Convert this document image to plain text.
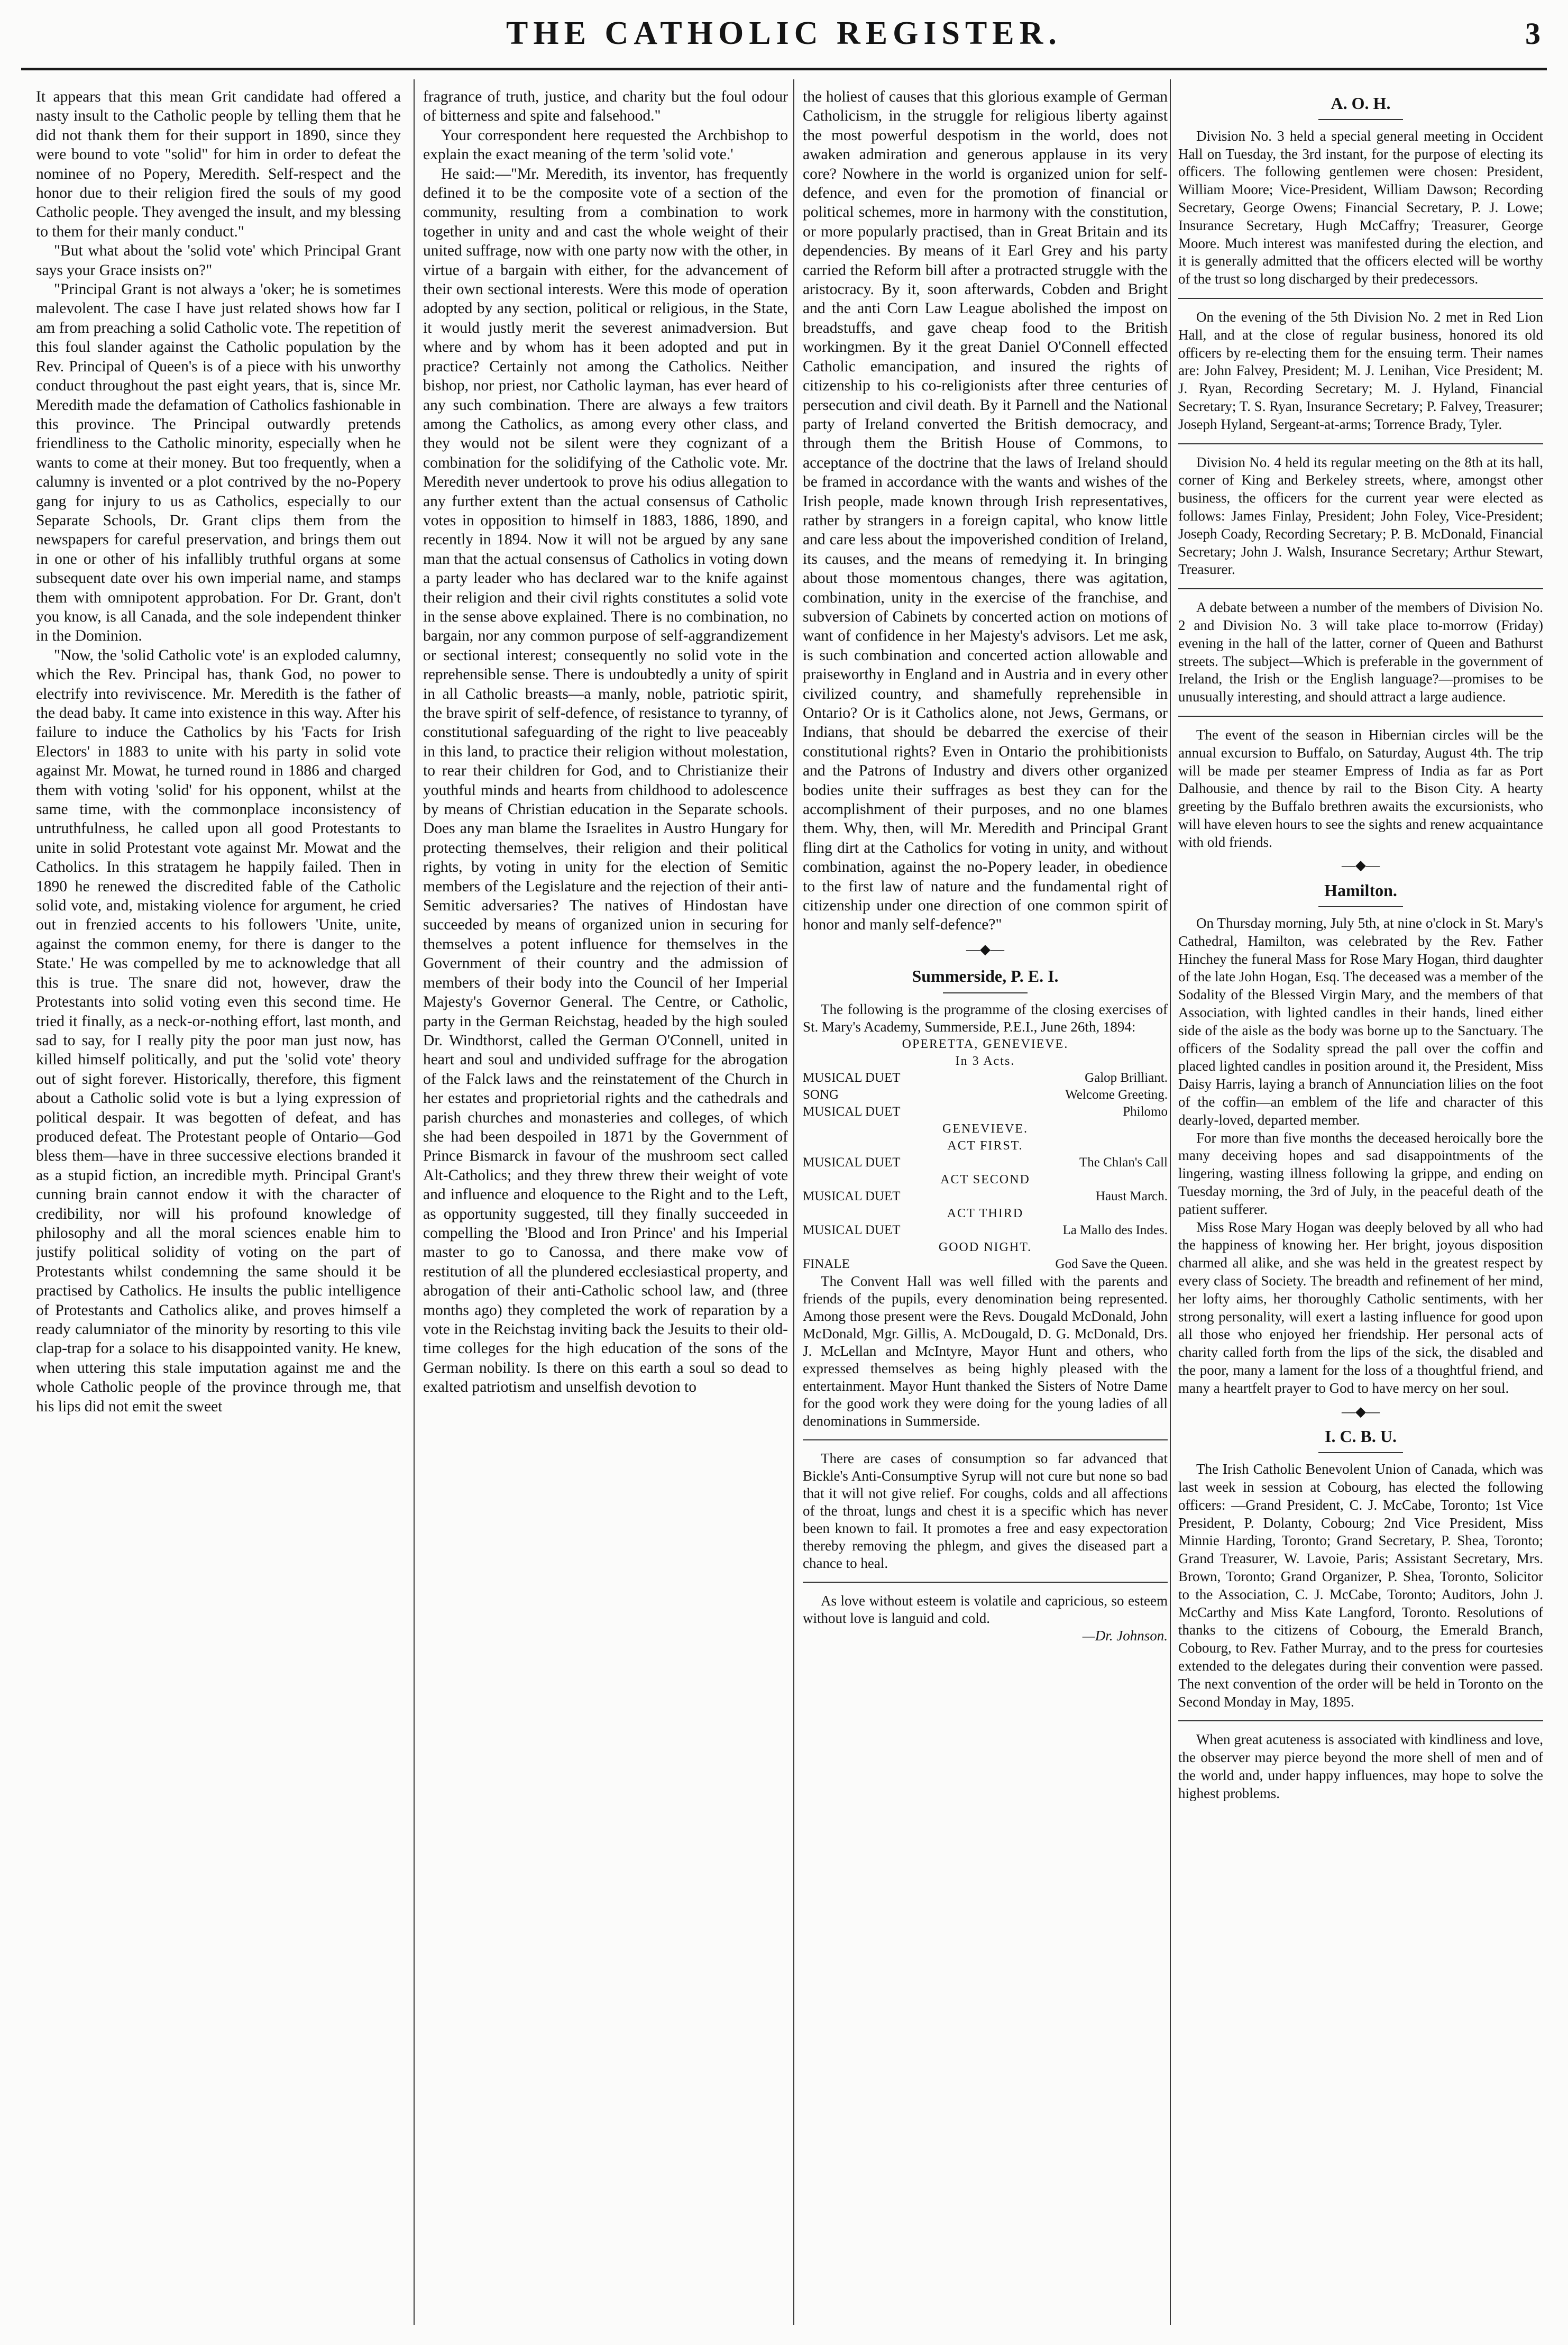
THE CATHOLIC REGISTER.	3

It appears that this mean Grit candidate had offered a nasty insult to the Catholic people by telling them that he did not thank them for their support in 1890, since they were bound to vote "solid" for him in order to defeat the nominee of no Popery, Meredith. Self-respect and the honor due to their religion fired the souls of my good Catholic people. They avenged the insult, and my blessing to them for their manly conduct."

"But what about the 'solid vote' which Principal Grant says your Grace insists on?"

"Principal Grant is not always a 'oker; he is sometimes malevolent. The case I have just related shows how far I am from preaching a solid Catholic vote. The repetition of this foul slander against the Catholic population by the Rev. Principal of Queen's is of a piece with his unworthy conduct throughout the past eight years, that is, since Mr. Meredith made the defamation of Catholics fashionable in this province. The Principal outwardly pretends friendliness to the Catholic minority, especially when he wants to come at their money. But too frequently, when a calumny is invented or a plot contrived by the no-Popery gang for injury to us as Catholics, especially to our Separate Schools, Dr. Grant clips them from the newspapers for careful preservation, and brings them out in one or other of his infallibly truthful organs at some subsequent date over his own imperial name, and stamps them with omnipotent approbation. For Dr. Grant, don't you know, is all Canada, and the sole independent thinker in the Dominion.

"Now, the 'solid Catholic vote' is an exploded calumny, which the Rev. Principal has, thank God, no power to electrify into reviviscence. Mr. Meredith is the father of the dead baby. It came into existence in this way. After his failure to induce the Catholics by his 'Facts for Irish Electors' in 1883 to unite with his party in solid vote against Mr. Mowat, he turned round in 1886 and charged them with voting 'solid' for his opponent, whilst at the same time, with the commonplace inconsistency of untruthfulness, he called upon all good Protestants to unite in solid Protestant vote against Mr. Mowat and the Catholics. In this stratagem he happily failed. Then in 1890 he renewed the discredited fable of the Catholic solid vote, and, mistaking violence for argument, he cried out in frenzied accents to his followers 'Unite, unite, against the common enemy, for there is danger to the State.' He was compelled by me to acknowledge that all this is true. The snare did not, however, draw the Protestants into solid voting even this second time. He tried it finally, as a neck-or-nothing effort, last month, and sad to say, for I really pity the poor man just now, has killed himself politically, and put the 'solid vote' theory out of sight forever. Historically, therefore, this figment about a Catholic solid vote is but a lying expression of political despair. It was begotten of defeat, and has produced defeat. The Protestant people of Ontario—God bless them—have in three successive elections branded it as a stupid fiction, an incredible myth. Principal Grant's cunning brain cannot endow it with the character of credibility, nor will his profound knowledge of philosophy and all the moral sciences enable him to justify political solidity of voting on the part of Protestants whilst condemning the same should it be practised by Catholics. He insults the public intelligence of Protestants and Catholics alike, and proves himself a ready calumniator of the minority by resorting to this vile clap-trap for a solace to his disappointed vanity. He knew, when uttering this stale imputation against me and the whole Catholic people of the province through me, that his lips did not emit the sweet

fragrance of truth, justice, and charity but the foul odour of bitterness and spite and falsehood."

Your correspondent here requested the Archbishop to explain the exact meaning of the term 'solid vote.'

He said:—"Mr. Meredith, its inventor, has frequently defined it to be the composite vote of a section of the community, resulting from a combination to work together in unity and and cast the whole weight of their united suffrage, now with one party now with the other, in virtue of a bargain with either, for the advancement of their own sectional interests. Were this mode of operation adopted by any section, political or religious, in the State, it would justly merit the severest animadversion. But where and by whom has it been adopted and put in practice? Certainly not among the Catholics. Neither bishop, nor priest, nor Catholic layman, has ever heard of any such combination. There are always a few traitors among the Catholics, as among every other class, and they would not be silent were they cognizant of a combination for the solidifying of the Catholic vote. Mr. Meredith never undertook to prove his odius allegation to any further extent than the actual consensus of Catholic votes in opposition to himself in 1883, 1886, 1890, and recently in 1894. Now it will not be argued by any sane man that the actual consensus of Catholics in voting down a party leader who has declared war to the knife against their religion and their civil rights constitutes a solid vote in the sense above explained. There is no combination, no bargain, nor any common purpose of self-aggrandizement or sectional interest; consequently no solid vote in the reprehensible sense. There is undoubtedly a unity of spirit in all Catholic breasts—a manly, noble, patriotic spirit, the brave spirit of self-defence, of resistance to tyranny, of constitutional safeguarding of the right to live peaceably in this land, to practice their religion without molestation, to rear their children for God, and to Christianize their youthful minds and hearts from childhood to adolescence by means of Christian education in the Separate schools. Does any man blame the Israelites in Austro Hungary for protecting themselves, their religion and their political rights, by voting in unity for the election of Semitic members of the Legislature and the rejection of their anti-Semitic adversaries? The natives of Hindostan have succeeded by means of organized union in securing for themselves a potent influence for themselves in the Government of their country and the admission of members of their body into the Council of her Imperial Majesty's Governor General. The Centre, or Catholic, party in the German Reichstag, headed by the high souled Dr. Windthorst, called the German O'Connell, united in heart and soul and undivided suffrage for the abrogation of the Falck laws and the reinstatement of the Church in her estates and proprietorial rights and the cathedrals and parish churches and monasteries and colleges, of which she had been despoiled in 1871 by the Government of Prince Bismarck in favour of the mushroom sect called Alt-Catholics; and they threw threw their weight of vote and influence and eloquence to the Right and to the Left, as opportunity suggested, till they finally succeeded in compelling the 'Blood and Iron Prince' and his Imperial master to go to Canossa, and there make vow of restitution of all the plundered ecclesiastical property, and abrogation of their anti-Catholic school law, and (three months ago) they completed the work of reparation by a vote in the Reichstag inviting back the Jesuits to their old-time colleges for the high education of the sons of the German nobility. Is there on this earth a soul so dead to exalted patriotism and unselfish devotion to

the holiest of causes that this glorious example of German Catholicism, in the struggle for religious liberty against the most powerful despotism in the world, does not awaken admiration and generous applause in its very core? Nowhere in the world is organized union for self-defence, and even for the promotion of financial or political schemes, more in harmony with the constitution, or more popularly practised, than in Great Britain and its dependencies. By means of it Earl Grey and his party carried the Reform bill after a protracted struggle with the aristocracy. By it, soon afterwards, Cobden and Bright and the anti Corn Law League abolished the impost on breadstuffs, and gave cheap food to the British workingmen. By it the great Daniel O'Connell effected Catholic emancipation, and insured the rights of citizenship to his co-religionists after three centuries of persecution and civil death. By it Parnell and the National party of Ireland converted the British democracy, and through them the British House of Commons, to acceptance of the doctrine that the laws of Ireland should be framed in accordance with the wants and wishes of the Irish people, made known through Irish representatives, rather by strangers in a foreign capital, who know little and care less about the impoverished condition of Ireland, its causes, and the means of remedying it. In bringing about those momentous changes, there was agitation, combination, unity in the exercise of the franchise, and subversion of Cabinets by concerted action on motions of want of confidence in her Majesty's advisors. Let me ask, is such combination and concerted action allowable and praiseworthy in England and in Austria and in every other civilized country, and shamefully reprehensible in Ontario? Or is it Catholics alone, not Jews, Germans, or Indians, that should be debarred the exercise of their constitutional rights? Even in Ontario the prohibitionists and the Patrons of Industry and divers other organized bodies unite their suffrages as best they can for the accomplishment of their purposes, and no one blames them. Why, then, will Mr. Meredith and Principal Grant fling dirt at the Catholics for voting in unity, and without combination, against the no-Popery leader, in obedience to the first law of nature and the fundamental right of citizenship under one direction of one common spirit of honor and manly self-defence?"

—◆—
Summerside, P. E. I.

The following is the programme of the closing exercises of St. Mary's Academy, Summerside, P.E.I., June 26th, 1894:

OPERETTA, GENEVIEVE.
In 3 Acts.
MUSICAL DUET	Galop Brilliant.
SONG	Welcome Greeting.
MUSICAL DUET	Philomo
GENEVIEVE.
ACT FIRST.
MUSICAL DUET	The Chlan's Call
ACT SECOND
MUSICAL DUET	Haust March.
ACT THIRD
MUSICAL DUET	La Mallo des Indes.
GOOD NIGHT.
FINALE	God Save the Queen.

The Convent Hall was well filled with the parents and friends of the pupils, every denomination being represented. Among those present were the Revs. Dougald McDonald, John McDonald, Mgr. Gillis, A. McDougald, D. G. McDonald, Drs. J. McLellan and McIntyre, Mayor Hunt and others, who expressed themselves as being highly pleased with the entertainment. Mayor Hunt thanked the Sisters of Notre Dame for the good work they were doing for the young ladies of all denominations in Summerside.

There are cases of consumption so far advanced that Bickle's Anti-Consumptive Syrup will not cure but none so bad that it will not give relief. For coughs, colds and all affections of the throat, lungs and chest it is a specific which has never been known to fail. It promotes a free and easy expectoration thereby removing the phlegm, and gives the diseased part a chance to heal.

As love without esteem is volatile and capricious, so esteem without love is languid and cold.

—Dr. Johnson.
A. O. H.

Division No. 3 held a special general meeting in Occident Hall on Tuesday, the 3rd instant, for the purpose of electing its officers. The following gentlemen were chosen: President, William Moore; Vice-President, William Dawson; Recording Secretary, George Owens; Financial Secretary, P. J. Lowe; Insurance Secretary, Hugh McCaffry; Treasurer, George Moore. Much interest was manifested during the election, and it is generally admitted that the officers elected will be worthy of the trust so long discharged by their predecessors.

On the evening of the 5th Division No. 2 met in Red Lion Hall, and at the close of regular business, honored its old officers by re-electing them for the ensuing term. Their names are: John Falvey, President; M. J. Lenihan, Vice President; M. J. Ryan, Recording Secretary; M. J. Hyland, Financial Secretary; T. S. Ryan, Insurance Secretary; P. Falvey, Treasurer; Joseph Hyland, Sergeant-at-arms; Torrence Brady, Tyler.

Division No. 4 held its regular meeting on the 8th at its hall, corner of King and Berkeley streets, where, amongst other business, the officers for the current year were elected as follows: James Finlay, President; John Foley, Vice-President; Joseph Coady, Recording Secretary; P. B. McDonald, Financial Secretary; John J. Walsh, Insurance Secretary; Arthur Stewart, Treasurer.

A debate between a number of the members of Division No. 2 and Division No. 3 will take place to-morrow (Friday) evening in the hall of the latter, corner of Queen and Bathurst streets. The subject—Which is preferable in the government of Ireland, the Irish or the English language?—promises to be unusually interesting, and should attract a large audience.

The event of the season in Hibernian circles will be the annual excursion to Buffalo, on Saturday, August 4th. The trip will be made per steamer Empress of India as far as Port Dalhousie, and thence by rail to the Bison City. A hearty greeting by the Buffalo brethren awaits the excursionists, who will have eleven hours to see the sights and renew acquaintance with old friends.

—◆—
Hamilton.

On Thursday morning, July 5th, at nine o'clock in St. Mary's Cathedral, Hamilton, was celebrated by the Rev. Father Hinchey the funeral Mass for Rose Mary Hogan, third daughter of the late John Hogan, Esq. The deceased was a member of the Sodality of the Blessed Virgin Mary, and the members of that Association, with lighted candles in their hands, lined either side of the aisle as the body was borne up to the Sanctuary. The officers of the Sodality spread the pall over the coffin and placed lighted candles in position around it, the President, Miss Daisy Harris, laying a branch of Annunciation lilies on the foot of the coffin—an emblem of the life and character of this dearly-loved, departed member.

For more than five months the deceased heroically bore the many deceiving hopes and sad disappointments of the lingering, wasting illness following la grippe, and ending on Tuesday morning, the 3rd of July, in the peaceful death of the patient sufferer.

Miss Rose Mary Hogan was deeply beloved by all who had the happiness of knowing her. Her bright, joyous disposition charmed all alike, and she was held in the greatest respect by every class of Society. The breadth and refinement of her mind, her lofty aims, her thoroughly Catholic sentiments, with her strong personality, will exert a lasting influence for good upon all those who enjoyed her friendship. Her personal acts of charity called forth from the lips of the sick, the disabled and the poor, many a lament for the loss of a thoughtful friend, and many a heartfelt prayer to God to have mercy on her soul.

—◆—
I. C. B. U.

The Irish Catholic Benevolent Union of Canada, which was last week in session at Cobourg, has elected the following officers: —Grand President, C. J. McCabe, Toronto; 1st Vice President, P. Dolanty, Cobourg; 2nd Vice President, Miss Minnie Harding, Toronto; Grand Secretary, P. Shea, Toronto; Grand Treasurer, W. Lavoie, Paris; Assistant Secretary, Mrs. Brown, Toronto; Grand Organizer, P. Shea, Toronto, Solicitor to the Association, C. J. McCabe, Toronto; Auditors, John J. McCarthy and Miss Kate Langford, Toronto. Resolutions of thanks to the citizens of Cobourg, the Emerald Branch, Cobourg, to Rev. Father Murray, and to the press for courtesies extended to the delegates during their convention were passed. The next convention of the order will be held in Toronto on the Second Monday in May, 1895.

When great acuteness is associated with kindliness and love, the observer may pierce beyond the more shell of men and of the world and, under happy influences, may hope to solve the highest problems.
